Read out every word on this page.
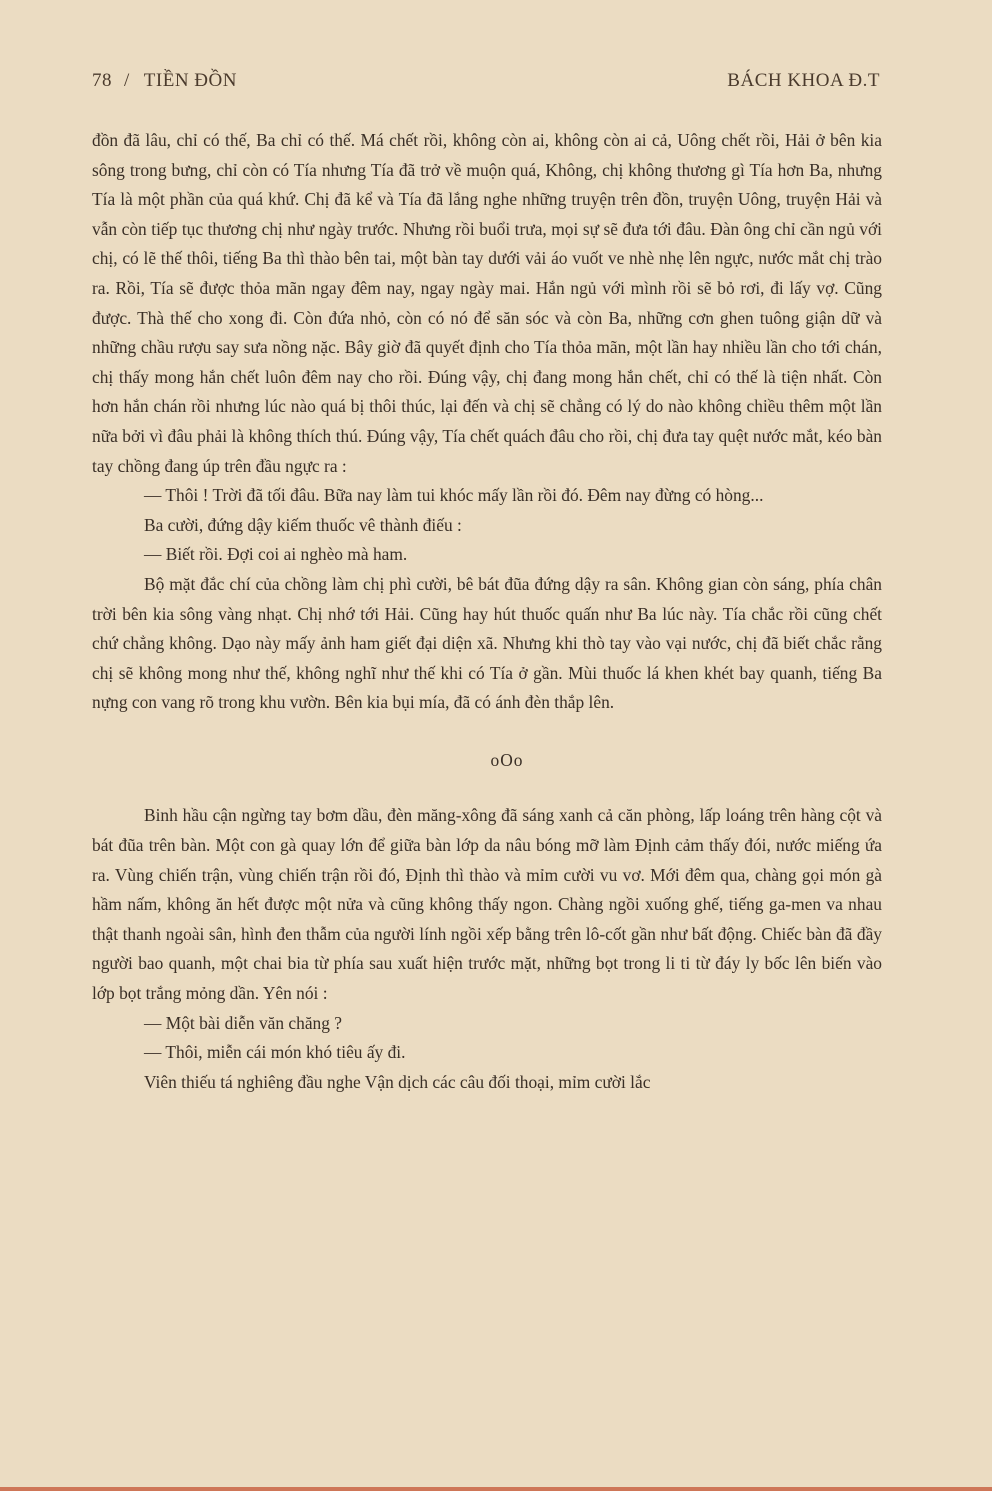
78 / TIỀN ĐỒN	BÁCH KHOA Đ.T

đồn đã lâu, chỉ có thế, Ba chỉ có thế. Má chết rồi, không còn ai, không còn ai cả, Uông chết rồi, Hải ở bên kia sông trong bưng, chỉ còn có Tía nhưng Tía đã trở về muộn quá, Không, chị không thương gì Tía hơn Ba, nhưng Tía là một phần của quá khứ. Chị đã kể và Tía đã lắng nghe những truyện trên đồn, truyện Uông, truyện Hải và vẫn còn tiếp tục thương chị như ngày trước. Nhưng rồi buổi trưa, mọi sự sẽ đưa tới đâu. Đàn ông chỉ cần ngủ với chị, có lẽ thế thôi, tiếng Ba thì thào bên tai, một bàn tay dưới vải áo vuốt ve nhè nhẹ lên ngực, nước mắt chị trào ra. Rồi, Tía sẽ được thỏa mãn ngay đêm nay, ngay ngày mai. Hắn ngủ với mình rồi sẽ bỏ rơi, đi lấy vợ. Cũng được. Thà thế cho xong đi. Còn đứa nhỏ, còn có nó để săn sóc và còn Ba, những cơn ghen tuông giận dữ và những chầu rượu say sưa nồng nặc. Bây giờ đã quyết định cho Tía thỏa mãn, một lần hay nhiều lần cho tới chán, chị thấy mong hắn chết luôn đêm nay cho rồi. Đúng vậy, chị đang mong hắn chết, chỉ có thế là tiện nhất. Còn hơn hắn chán rồi nhưng lúc nào quá bị thôi thúc, lại đến và chị sẽ chẳng có lý do nào không chiều thêm một lần nữa bởi vì đâu phải là không thích thú. Đúng vậy, Tía chết quách đâu cho rồi, chị đưa tay quệt nước mắt, kéo bàn tay chồng đang úp trên đầu ngực ra :

— Thôi ! Trời đã tối đâu. Bữa nay làm tui khóc mấy lần rồi đó. Đêm nay đừng có hòng...

Ba cười, đứng dậy kiếm thuốc vê thành điếu :

— Biết rồi. Đợi coi ai nghèo mà ham.

Bộ mặt đắc chí của chồng làm chị phì cười, bê bát đũa đứng dậy ra sân. Không gian còn sáng, phía chân trời bên kia sông vàng nhạt. Chị nhớ tới Hải. Cũng hay hút thuốc quấn như Ba lúc này. Tía chắc rồi cũng chết chứ chẳng không. Dạo này mấy ảnh ham giết đại diện xã. Nhưng khi thò tay vào vại nước, chị đã biết chắc rằng chị sẽ không mong như thế, không nghĩ như thế khi có Tía ở gần. Mùi thuốc lá khen khét bay quanh, tiếng Ba nựng con vang rõ trong khu vườn. Bên kia bụi mía, đã có ánh đèn thắp lên.

oOo

Binh hầu cận ngừng tay bơm dầu, đèn măng-xông đã sáng xanh cả căn phòng, lấp loáng trên hàng cột và bát đũa trên bàn. Một con gà quay lớn để giữa bàn lớp da nâu bóng mỡ làm Định cảm thấy đói, nước miếng ứa ra. Vùng chiến trận, vùng chiến trận rồi đó, Định thì thào và mỉm cười vu vơ. Mới đêm qua, chàng gọi món gà hầm nấm, không ăn hết được một nửa và cũng không thấy ngon. Chàng ngồi xuống ghế, tiếng ga-men va nhau thật thanh ngoài sân, hình đen thẫm của người lính ngồi xếp bằng trên lô-cốt gần như bất động. Chiếc bàn đã đầy người bao quanh, một chai bia từ phía sau xuất hiện trước mặt, những bọt trong li ti từ đáy ly bốc lên biến vào lớp bọt trắng mỏng dần. Yên nói :

— Một bài diễn văn chăng ?

— Thôi, miễn cái món khó tiêu ấy đi.

Viên thiếu tá nghiêng đầu nghe Vận dịch các câu đối thoại, mỉm cười lắc
